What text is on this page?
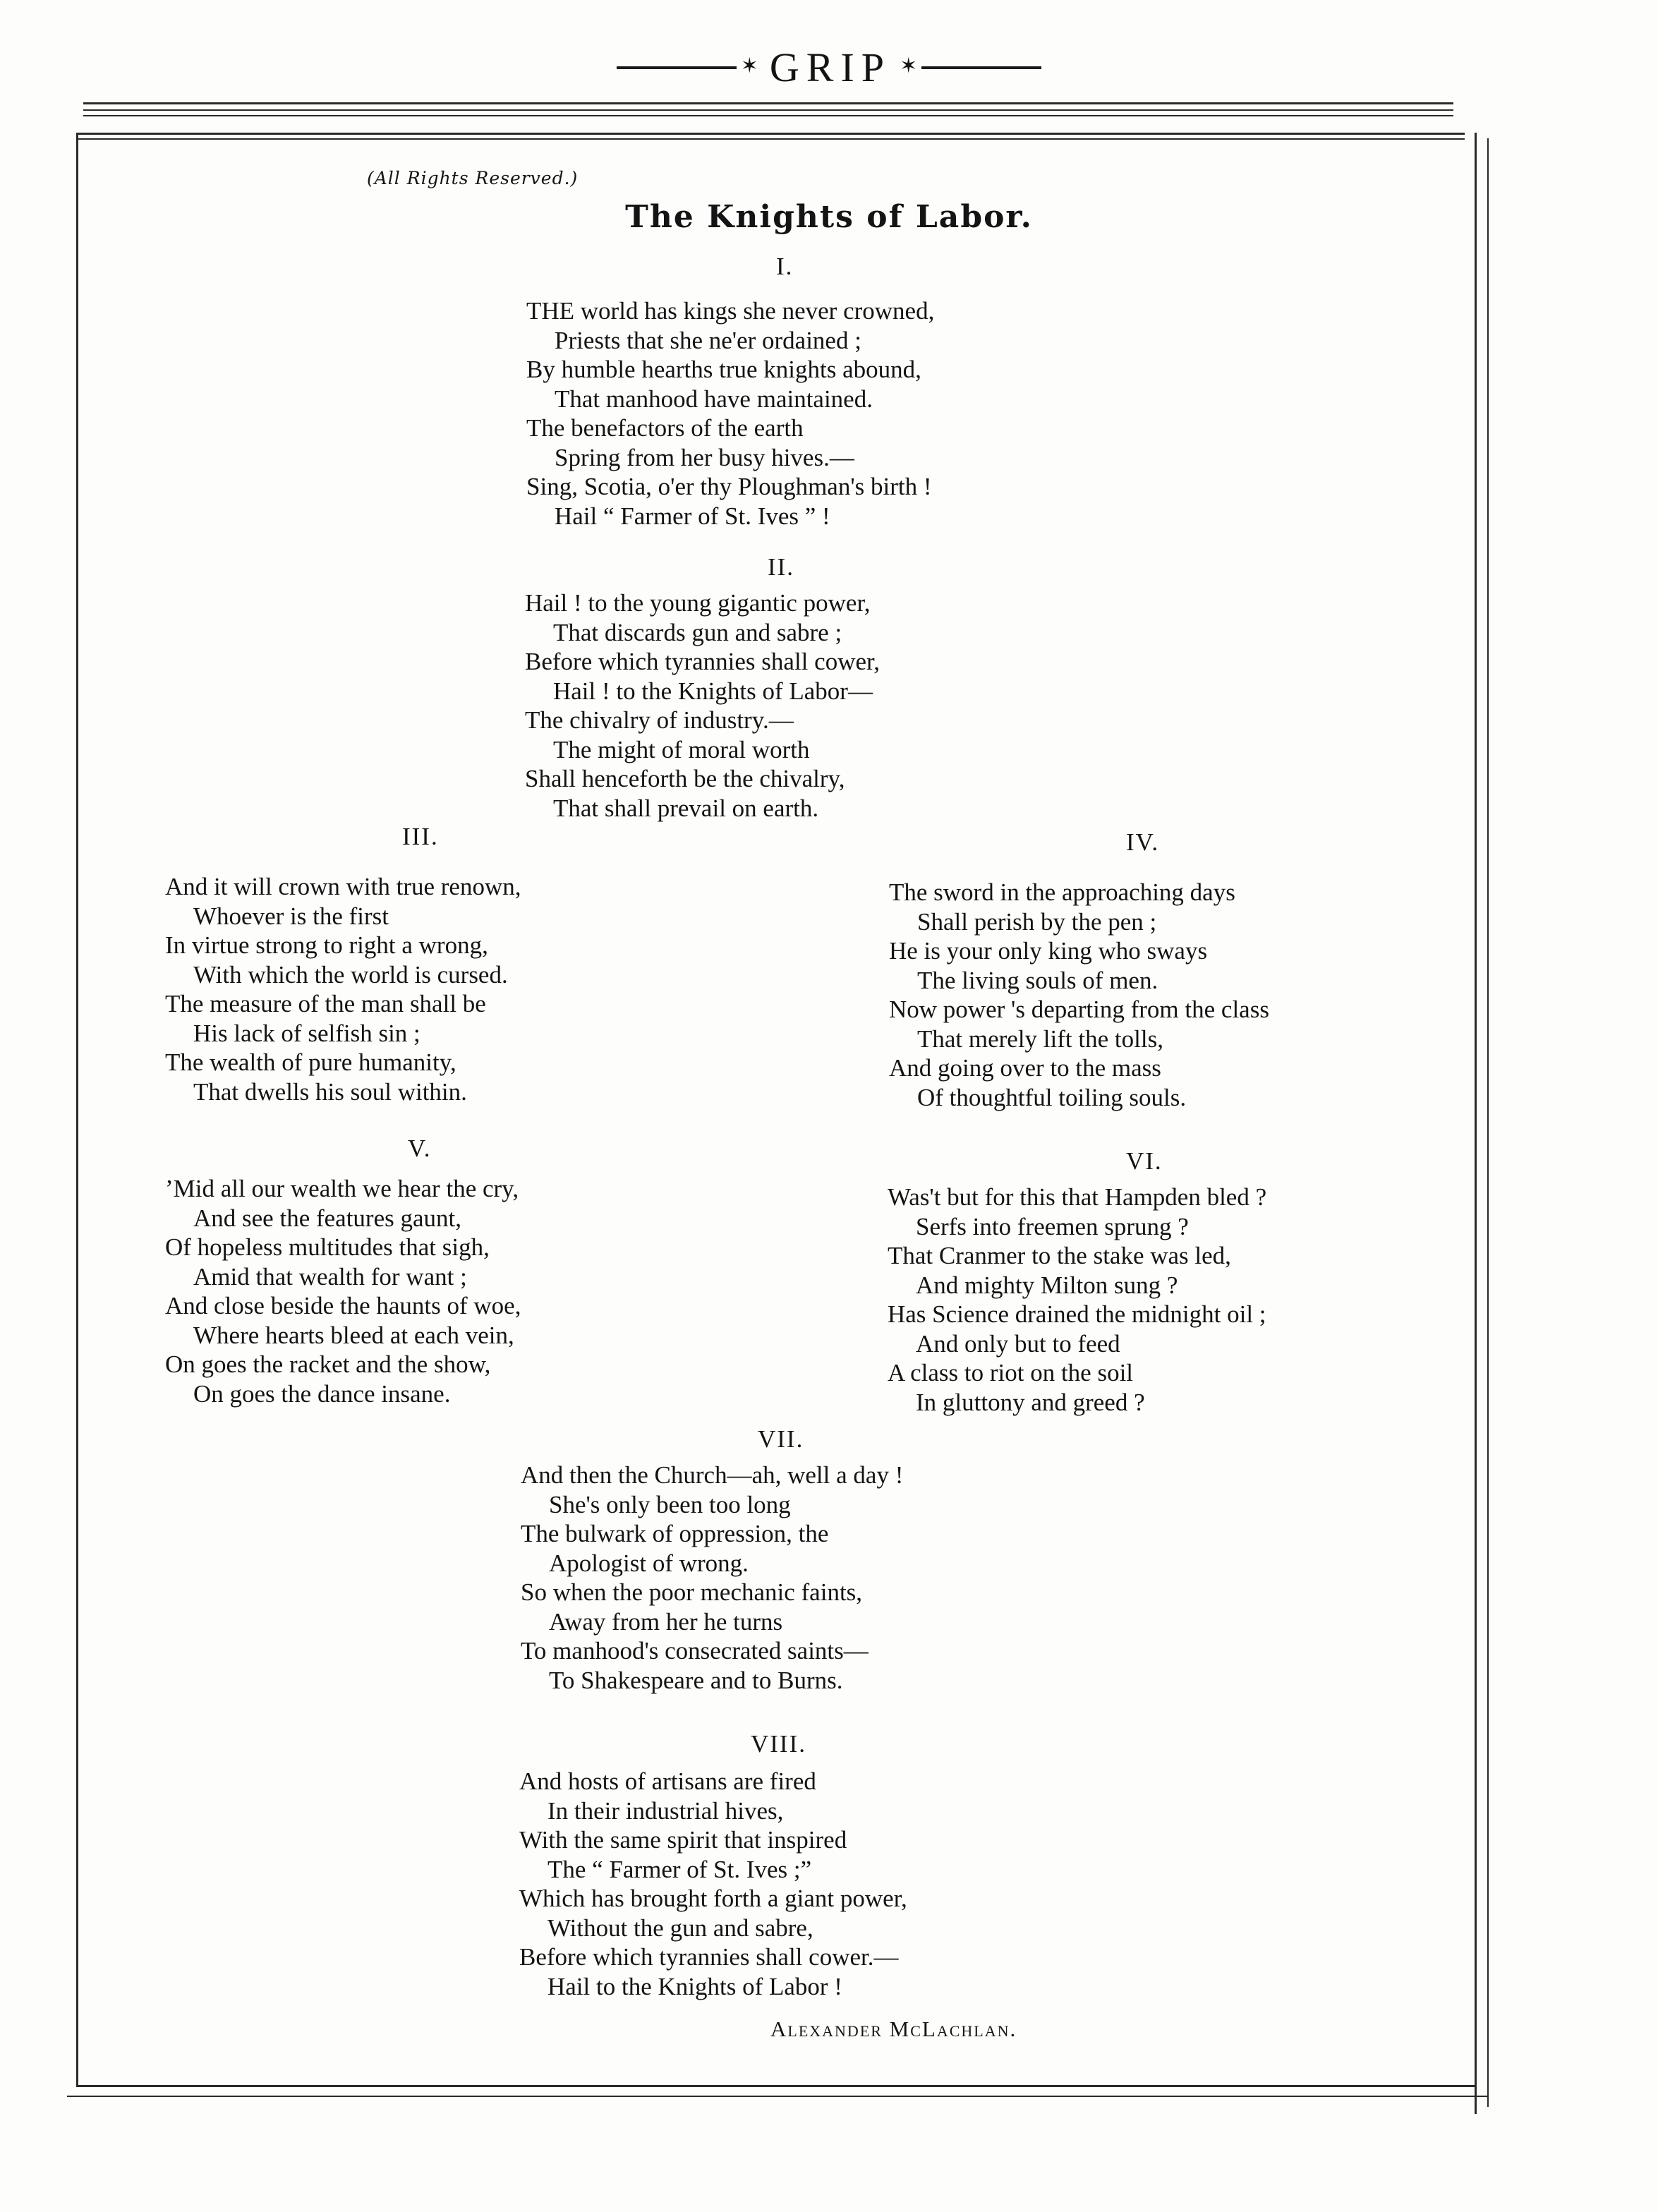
✶ GRIP ✶
(All Rights Reserved.)
The Knights of Labor.
I.
THE world has kings she never crowned,
Priests that she ne'er ordained ;
By humble hearths true knights abound,
That manhood have maintained.
The benefactors of the earth
Spring from her busy hives.—
Sing, Scotia, o'er thy Ploughman's birth !
Hail “ Farmer of St. Ives ” !
II.
Hail ! to the young gigantic power,
That discards gun and sabre ;
Before which tyrannies shall cower,
Hail ! to the Knights of Labor—
The chivalry of industry.—
The might of moral worth
Shall henceforth be the chivalry,
That shall prevail on earth.
III.
And it will crown with true renown,
Whoever is the first
In virtue strong to right a wrong,
With which the world is cursed.
The measure of the man shall be
His lack of selfish sin ;
The wealth of pure humanity,
That dwells his soul within.
IV.
The sword in the approaching days
Shall perish by the pen ;
He is your only king who sways
The living souls of men.
Now power 's departing from the class
That merely lift the tolls,
And going over to the mass
Of thoughtful toiling souls.
V.
’Mid all our wealth we hear the cry,
And see the features gaunt,
Of hopeless multitudes that sigh,
Amid that wealth for want ;
And close beside the haunts of woe,
Where hearts bleed at each vein,
On goes the racket and the show,
On goes the dance insane.
VI.
Was't but for this that Hampden bled ?
Serfs into freemen sprung ?
That Cranmer to the stake was led,
And mighty Milton sung ?
Has Science drained the midnight oil ;
And only but to feed
A class to riot on the soil
In gluttony and greed ?
VII.
And then the Church—ah, well a day !
She's only been too long
The bulwark of oppression, the
Apologist of wrong.
So when the poor mechanic faints,
Away from her he turns
To manhood's consecrated saints—
To Shakespeare and to Burns.
VIII.
And hosts of artisans are fired
In their industrial hives,
With the same spirit that inspired
The “ Farmer of St. Ives ;”
Which has brought forth a giant power,
Without the gun and sabre,
Before which tyrannies shall cower.—
Hail to the Knights of Labor !
Alexander McLachlan.
